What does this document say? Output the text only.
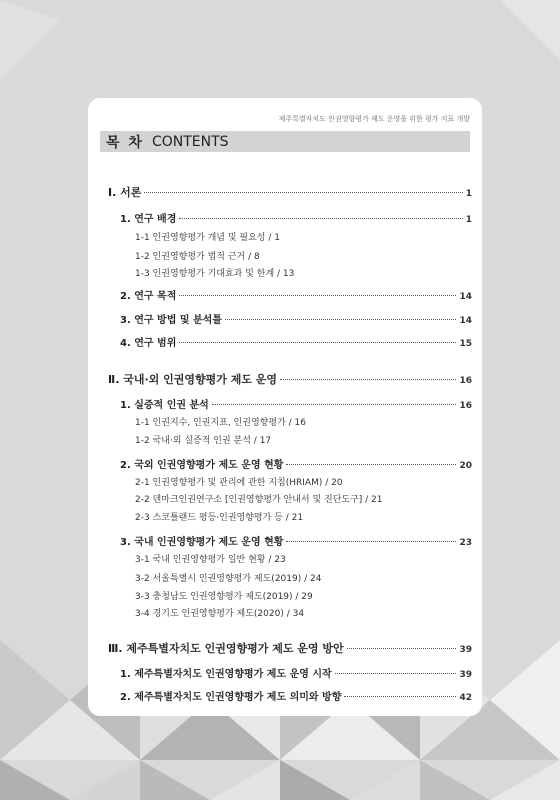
제주특별자치도 인권영향평가 제도 운영을 위한 평가 지표 개발
목 차 CONTENTS
Ⅰ. 서론	1
1. 연구 배경	1
1-1 인권영향평가 개념 및 필요성 / 1
1-2 인권영향평가 법적 근거 / 8
1-3 인권영향평가 기대효과 및 한계 / 13
2. 연구 목적	14
3. 연구 방법 및 분석틀	14
4. 연구 범위	15
Ⅱ. 국내·외 인권영향평가 제도 운영	16
1. 실증적 인권 분석	16
1-1 인권지수, 인권지표, 인권영향평가 / 16
1-2 국내·외 실증적 인권 분석 / 17
2. 국외 인권영향평가 제도 운영 현황	20
2-1 인권영향평가 및 관리에 관한 지침(HRIAM) / 20
2-2 덴마크인권연구소 [인권영향평가 안내서 및 진단도구] / 21
2-3 스코틀랜드 평등·인권영향평가 등 / 21
3. 국내 인권영향평가 제도 운영 현황	23
3-1 국내 인권영향평가 일반 현황 / 23
3-2 서울특별시 인권영향평가 제도(2019) / 24
3-3 충청남도 인권영향평가 제도(2019) / 29
3-4 경기도 인권영향평가 제도(2020) / 34
Ⅲ. 제주특별자치도 인권영향평가 제도 운영 방안	39
1. 제주특별자치도 인권영향평가 제도 운영 시작	39
2. 제주특별자치도 인권영향평가 제도 의미와 방향	42
